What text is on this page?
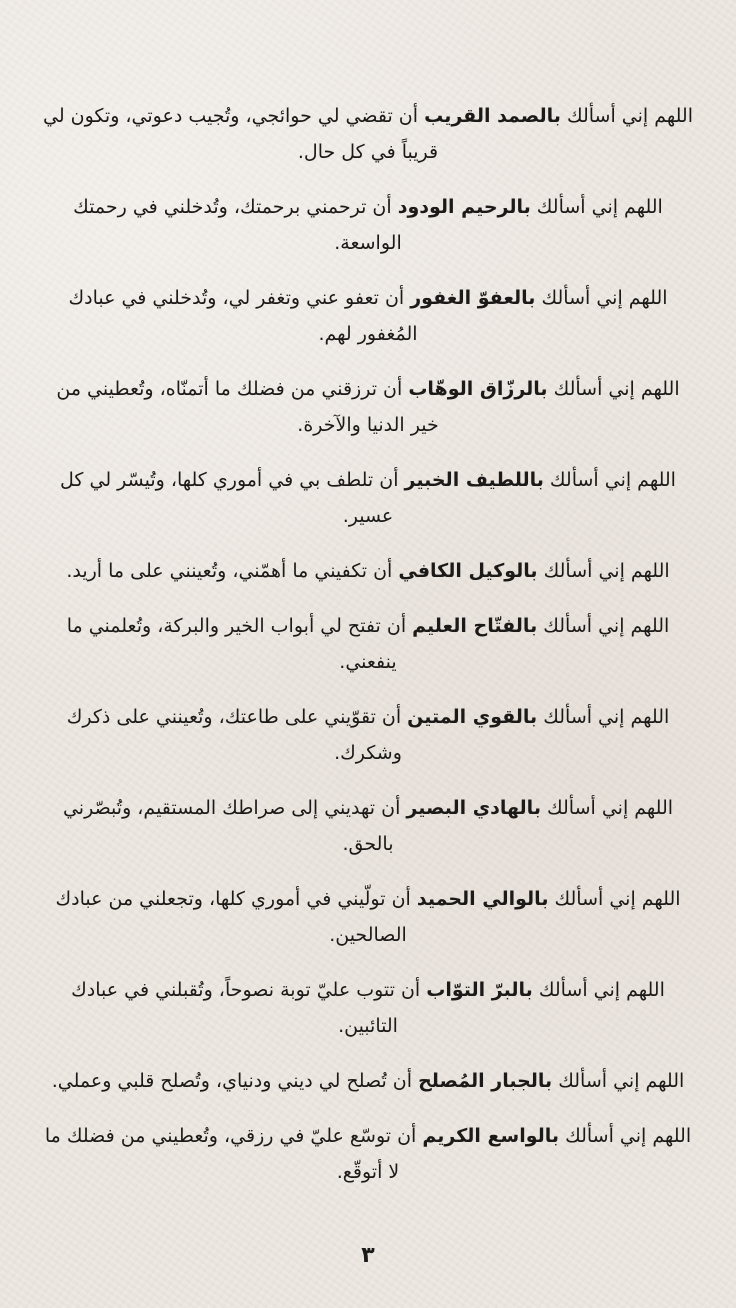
اللهم إني أسألك بالصمد القريب أن تقضي لي حوائجي، وتُجيب دعوتي، وتكون لي قريباً في كل حال.

اللهم إني أسألك بالرحيم الودود أن ترحمني برحمتك، وتُدخلني في رحمتك الواسعة.

اللهم إني أسألك بالعفوّ الغفور أن تعفو عني وتغفر لي، وتُدخلني في عبادك المُغفور لهم.

اللهم إني أسألك بالرزّاق الوهّاب أن ترزقني من فضلك ما أتمنّاه، وتُعطيني من خير الدنيا والآخرة.

اللهم إني أسألك باللطيف الخبير أن تلطف بي في أموري كلها، وتُيسّر لي كل عسير.

اللهم إني أسألك بالوكيل الكافي أن تكفيني ما أهمّني، وتُعينني على ما أريد.

اللهم إني أسألك بالفتّاح العليم أن تفتح لي أبواب الخير والبركة، وتُعلمني ما ينفعني.

اللهم إني أسألك بالقوي المتين أن تقوّيني على طاعتك، وتُعينني على ذكرك وشكرك.

اللهم إني أسألك بالهادي البصير أن تهديني إلى صراطك المستقيم، وتُبصّرني بالحق.

اللهم إني أسألك بالوالي الحميد أن تولّيني في أموري كلها، وتجعلني من عبادك الصالحين.

اللهم إني أسألك بالبرّ التوّاب أن تتوب عليّ توبة نصوحاً، وتُقبلني في عبادك التائبين.

اللهم إني أسألك بالجبار المُصلح أن تُصلح لي ديني ودنياي، وتُصلح قلبي وعملي.

اللهم إني أسألك بالواسع الكريم أن توسّع عليّ في رزقي، وتُعطيني من فضلك ما لا أتوقّع.

٣
